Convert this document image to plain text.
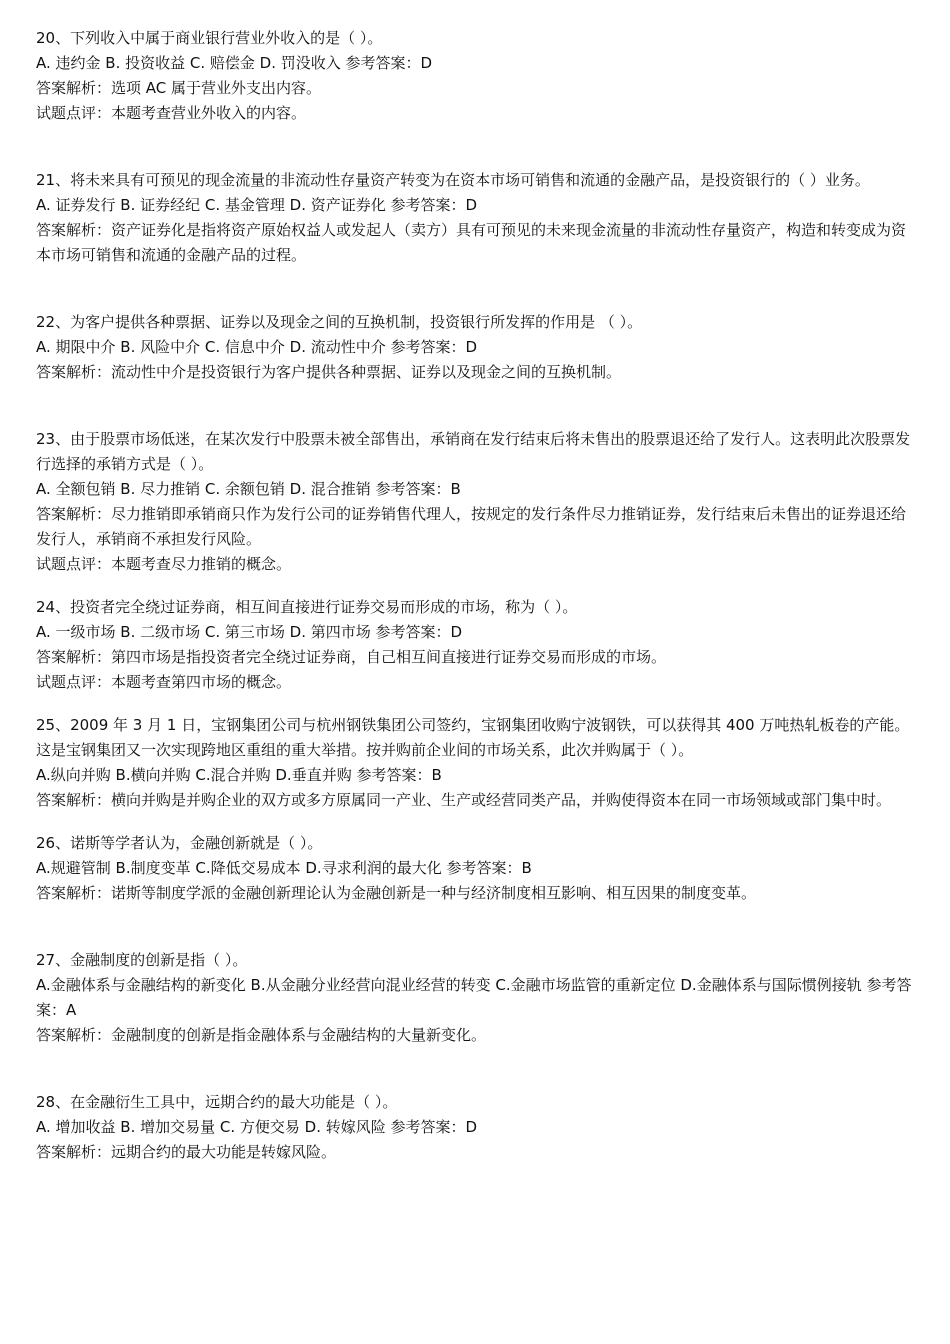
20、下列收入中属于商业银行营业外收入的是（ ）。

A. 违约金 B. 投资收益 C. 赔偿金 D. 罚没收入 参考答案：D

答案解析：选项 AC 属于营业外支出内容。

试题点评：本题考查营业外收入的内容。

21、将未来具有可预见的现金流量的非流动性存量资产转变为在资本市场可销售和流通的金融产品，是投资银行的（ ）业务。

A. 证券发行 B. 证券经纪 C. 基金管理 D. 资产证券化 参考答案：D

答案解析：资产证券化是指将资产原始权益人或发起人（卖方）具有可预见的未来现金流量的非流动性存量资产，构造和转变成为资本市场可销售和流通的金融产品的过程。

22、为客户提供各种票据、证券以及现金之间的互换机制，投资银行所发挥的作用是 （ ）。

A. 期限中介 B. 风险中介 C. 信息中介 D. 流动性中介 参考答案：D

答案解析：流动性中介是投资银行为客户提供各种票据、证券以及现金之间的互换机制。

23、由于股票市场低迷，在某次发行中股票未被全部售出，承销商在发行结束后将未售出的股票退还给了发行人。这表明此次股票发行选择的承销方式是（ ）。

A. 全额包销 B. 尽力推销 C. 余额包销 D. 混合推销 参考答案：B

答案解析：尽力推销即承销商只作为发行公司的证券销售代理人，按规定的发行条件尽力推销证券，发行结束后未售出的证券退还给发行人，承销商不承担发行风险。

试题点评：本题考查尽力推销的概念。

24、投资者完全绕过证券商，相互间直接进行证券交易而形成的市场，称为（ ）。

A. 一级市场 B. 二级市场 C. 第三市场 D. 第四市场 参考答案：D

答案解析：第四市场是指投资者完全绕过证券商，自己相互间直接进行证券交易而形成的市场。

试题点评：本题考查第四市场的概念。

25、2009 年 3 月 1 日，宝钢集团公司与杭州钢铁集团公司签约，宝钢集团收购宁波钢铁，可以获得其 400 万吨热轧板卷的产能。这是宝钢集团又一次实现跨地区重组的重大举措。按并购前企业间的市场关系，此次并购属于（ ）。

A.纵向并购 B.横向并购 C.混合并购 D.垂直并购 参考答案：B

答案解析：横向并购是并购企业的双方或多方原属同一产业、生产或经营同类产品，并购使得资本在同一市场领域或部门集中时。

26、诺斯等学者认为，金融创新就是（ ）。

A.规避管制 B.制度变革 C.降低交易成本 D.寻求利润的最大化 参考答案：B

答案解析：诺斯等制度学派的金融创新理论认为金融创新是一种与经济制度相互影响、相互因果的制度变革。

27、金融制度的创新是指（ ）。

A.金融体系与金融结构的新变化 B.从金融分业经营向混业经营的转变 C.金融市场监管的重新定位 D.金融体系与国际惯例接轨 参考答案：A

答案解析：金融制度的创新是指金融体系与金融结构的大量新变化。

28、在金融衍生工具中，远期合约的最大功能是（ ）。

A. 增加收益 B. 增加交易量 C. 方便交易 D. 转嫁风险 参考答案：D

答案解析：远期合约的最大功能是转嫁风险。
